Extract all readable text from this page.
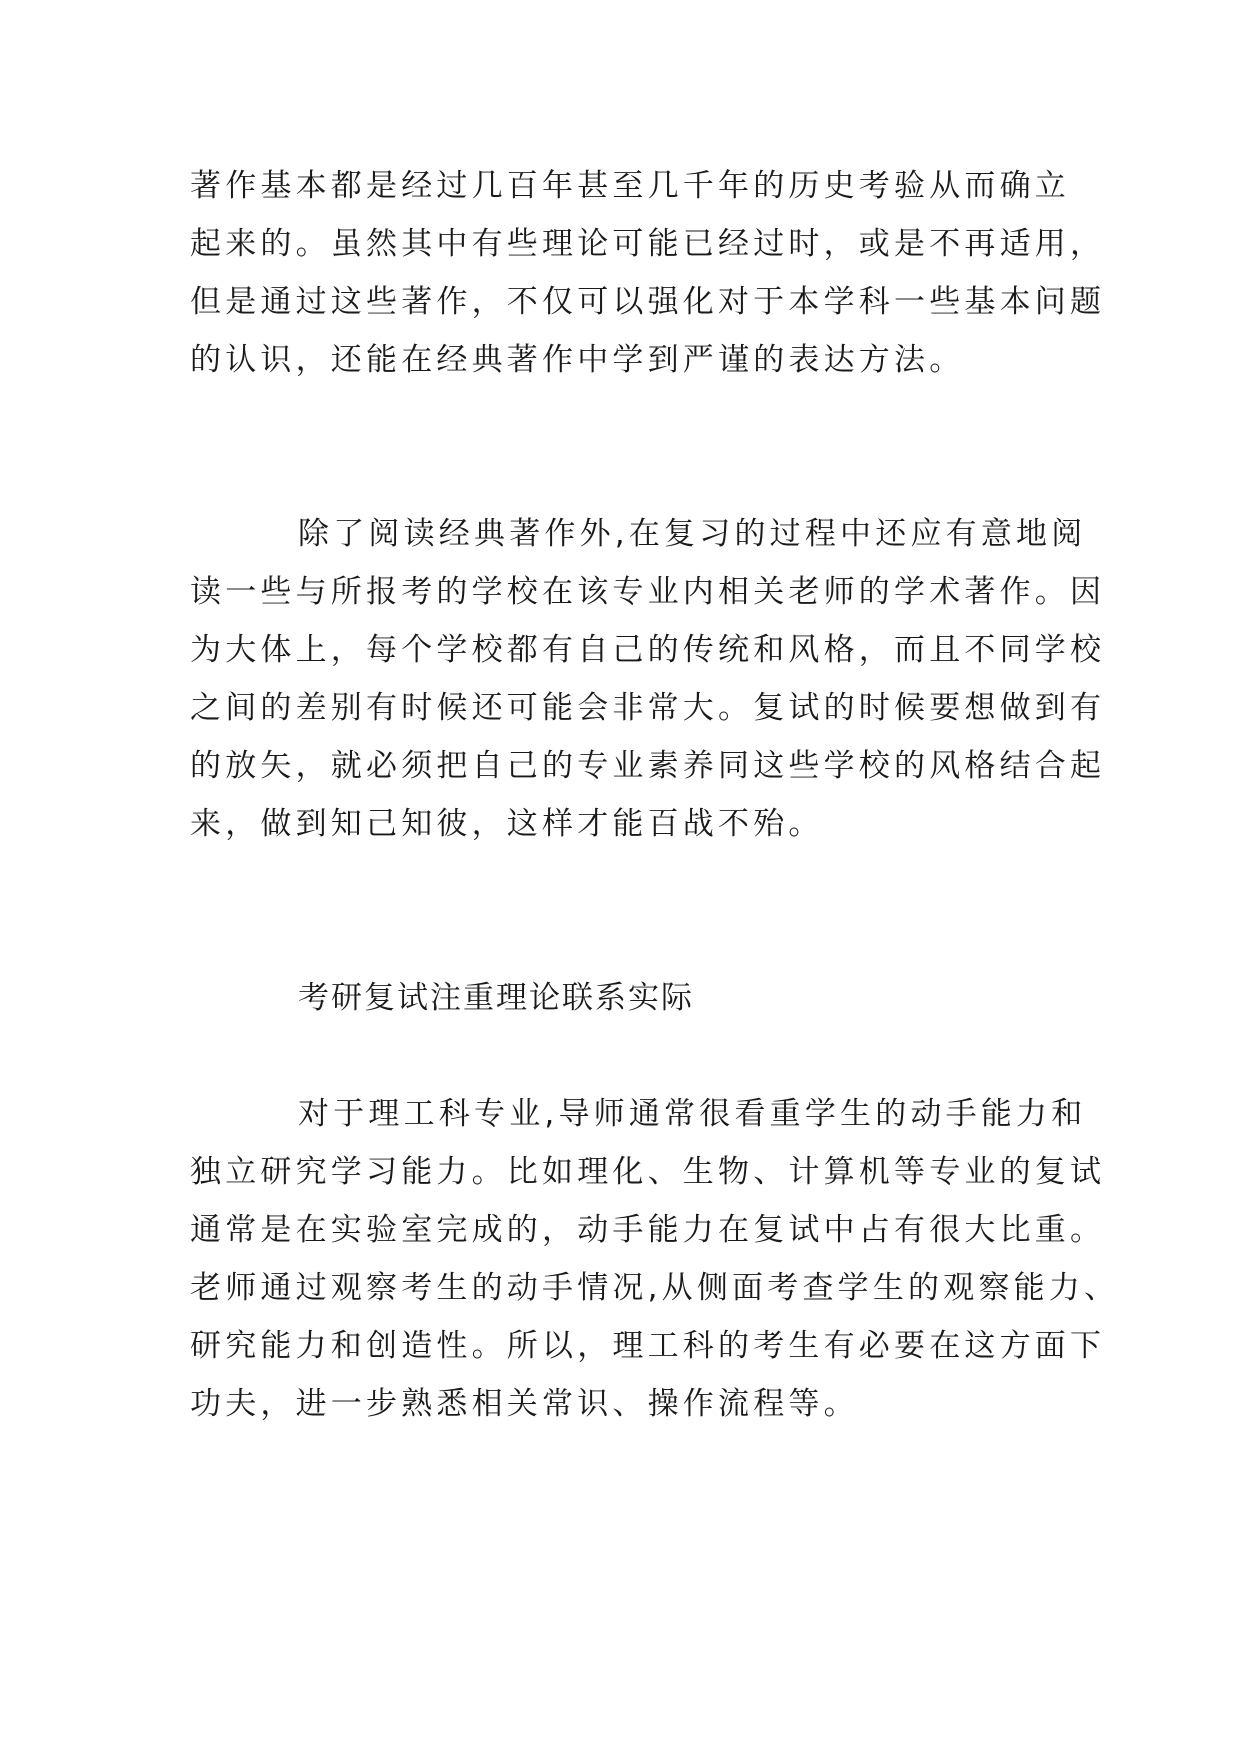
著作基本都是经过几百年甚至几千年的历史考验从而确立
起来的。虽然其中有些理论可能已经过时，或是不再适用，
但是通过这些著作，不仅可以强化对于本学科一些基本问题
的认识，还能在经典著作中学到严谨的表达方法。
除了阅读经典著作外,在复习的过程中还应有意地阅
读一些与所报考的学校在该专业内相关老师的学术著作。因
为大体上，每个学校都有自己的传统和风格，而且不同学校
之间的差别有时候还可能会非常大。复试的时候要想做到有
的放矢，就必须把自己的专业素养同这些学校的风格结合起
来，做到知己知彼，这样才能百战不殆。
考研复试注重理论联系实际
对于理工科专业,导师通常很看重学生的动手能力和
独立研究学习能力。比如理化、生物、计算机等专业的复试
通常是在实验室完成的，动手能力在复试中占有很大比重。
老师通过观察考生的动手情况,从侧面考查学生的观察能力、
研究能力和创造性。所以，理工科的考生有必要在这方面下
功夫，进一步熟悉相关常识、操作流程等。
